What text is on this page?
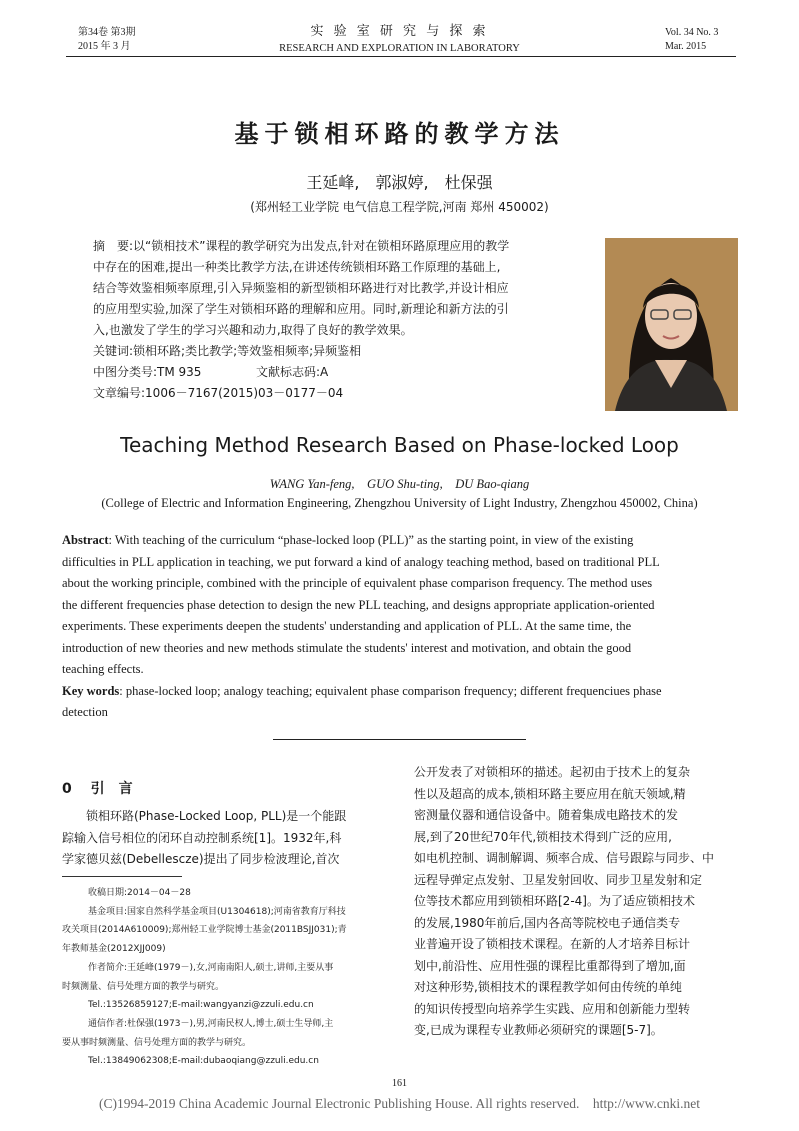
第34卷 第3期
2015 年 3 月
实 验 室 研 究 与 探 索
RESEARCH AND EXPLORATION IN LABORATORY
Vol. 34 No. 3
Mar. 2015
基于锁相环路的教学方法
王延峰,　郭淑婷,　杜保强
(郑州轻工业学院 电气信息工程学院,河南 郑州 450002)
摘　要:以“锁相技术”课程的教学研究为出发点,针对在锁相环路原理应用的教学
中存在的困难,提出一种类比教学方法,在讲述传统锁相环路工作原理的基础上,
结合等效鉴相频率原理,引入异频鉴相的新型锁相环路进行对比教学,并设计相应
的应用型实验,加深了学生对锁相环路的理解和应用。同时,新理论和新方法的引
入,也激发了学生的学习兴趣和动力,取得了良好的教学效果。
关键词:锁相环路;类比教学;等效鉴相频率;异频鉴相
中图分类号:TM 935	文献标志码:A
文章编号:1006－7167(2015)03－0177－04
Teaching Method Research Based on Phase-locked Loop
WANG Yan-feng,　GUO Shu-ting,　DU Bao-qiang
(College of Electric and Information Engineering, Zhengzhou University of Light Industry, Zhengzhou 450002, China)
Abstract: With teaching of the curriculum “phase-locked loop (PLL)” as the starting point, in view of the existing
difficulties in PLL application in teaching, we put forward a kind of analogy teaching method, based on traditional PLL
about the working principle, combined with the principle of equivalent phase comparison frequency. The method uses
the different frequencies phase detection to design the new PLL teaching, and designs appropriate application-oriented
experiments. These experiments deepen the students' understanding and application of PLL. At the same time, the
introduction of new theories and new methods stimulate the students' interest and motivation, and obtain the good
teaching effects.
Key words: phase-locked loop; analogy teaching; equivalent phase comparison frequency; different frequenciues phase
detection
0 引　言
　　锁相环路(Phase-Locked Loop, PLL)是一个能跟
踪输入信号相位的闭环自动控制系统[1]。1932年,科
学家德贝兹(Debellescze)提出了同步检波理论,首次
收稿日期:2014－04－28
基金项目:国家自然科学基金项目(U1304618);河南省教育厅科技
攻关项目(2014A610009);郑州轻工业学院博士基金(2011BSJJ031);青
年教师基金(2012XJJ009)
作者简介:王延峰(1979－),女,河南南阳人,硕士,讲师,主要从事
时频测量、信号处理方面的教学与研究。
Tel.:13526859127;E-mail:wangyanzi@zzuli.edu.cn
通信作者:杜保强(1973－),男,河南民权人,博士,硕士生导师,主
要从事时频测量、信号处理方面的教学与研究。
Tel.:13849062308;E-mail:dubaoqiang@zzuli.edu.cn
公开发表了对锁相环的描述。起初由于技术上的复杂
性以及超高的成本,锁相环路主要应用在航天领域,精
密测量仪器和通信设备中。随着集成电路技术的发
展,到了20世纪70年代,锁相技术得到广泛的应用,
如电机控制、调制解调、频率合成、信号跟踪与同步、中
远程导弹定点发射、卫星发射回收、同步卫星发射和定
位等技术都应用到锁相环路[2-4]。为了适应锁相技术
的发展,1980年前后,国内各高等院校电子通信类专
业普遍开设了锁相技术课程。在新的人才培养目标计
划中,前沿性、应用性强的课程比重都得到了增加,面
对这种形势,锁相技术的课程教学如何由传统的单纯
的知识传授型向培养学生实践、应用和创新能力型转
变,已成为课程专业教师必须研究的课题[5-7]。
161
(C)1994-2019 China Academic Journal Electronic Publishing House. All rights reserved.　http://www.cnki.net
